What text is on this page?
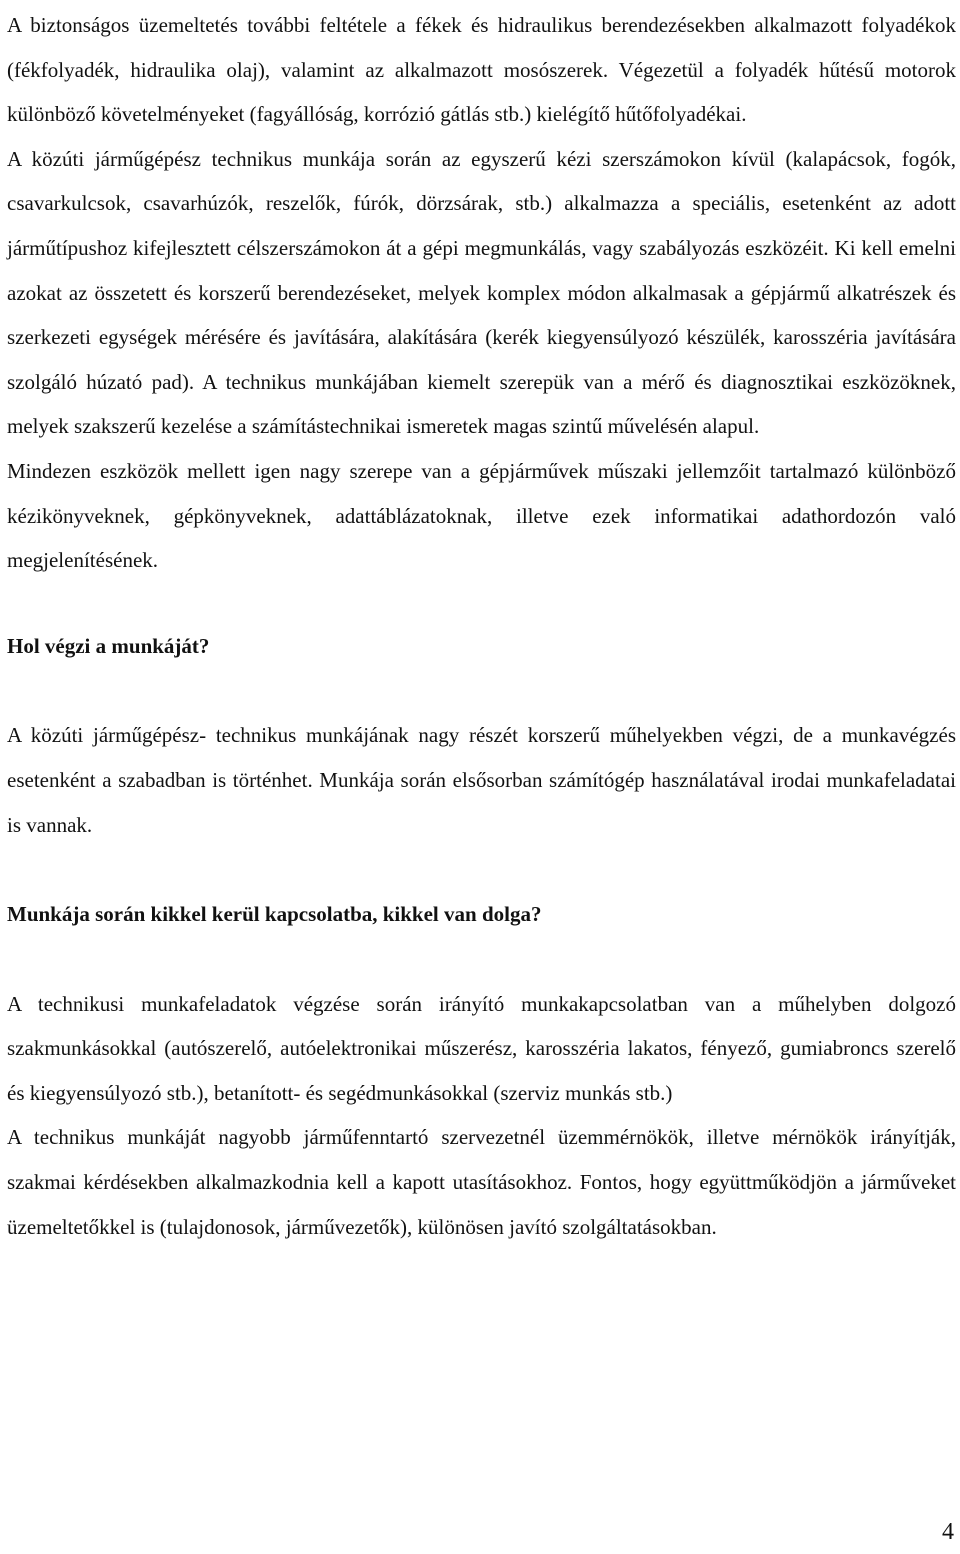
A biztonságos üzemeltetés további feltétele a fékek és hidraulikus berendezésekben alkalmazott folyadékok (fékfolyadék, hidraulika olaj), valamint az alkalmazott mosószerek. Végezetül a folyadék hűtésű motorok különböző követelményeket (fagyállóság, korrózió gátlás stb.) kielégítő hűtőfolyadékai.

A közúti járműgépész technikus munkája során az egyszerű kézi szerszámokon kívül (kalapácsok, fogók, csavarkulcsok, csavarhúzók, reszelők, fúrók, dörzsárak, stb.) alkalmazza a speciális, esetenként az adott járműtípushoz kifejlesztett célszerszámokon át a gépi megmunkálás, vagy szabályozás eszközéit. Ki kell emelni azokat az összetett és korszerű berendezéseket, melyek komplex módon alkalmasak a gépjármű alkatrészek és szerkezeti egységek mérésére és javítására, alakítására (kerék kiegyensúlyozó készülék, karosszéria javítására szolgáló húzató pad). A technikus munkájában kiemelt szerepük van a mérő és diagnosztikai eszközöknek, melyek szakszerű kezelése a számítástechnikai ismeretek magas szintű művelésén alapul.

Mindezen eszközök mellett igen nagy szerepe van a gépjárművek műszaki jellemzőit tartalmazó különböző kézikönyveknek, gépkönyveknek, adattáblázatoknak, illetve ezek informatikai adathordozón való megjelenítésének.

Hol végzi a munkáját?

A közúti járműgépész- technikus munkájának nagy részét korszerű műhelyekben végzi, de a munkavégzés esetenként a szabadban is történhet. Munkája során elsősorban számítógép használatával irodai munkafeladatai is vannak.

Munkája során kikkel kerül kapcsolatba, kikkel van dolga?

A technikusi munkafeladatok végzése során irányító munkakapcsolatban van a műhelyben dolgozó szakmunkásokkal (autószerelő, autóelektronikai műszerész, karosszéria lakatos, fényező, gumiabroncs szerelő és kiegyensúlyozó stb.), betanított- és segédmunkásokkal (szerviz munkás stb.)

A technikus munkáját nagyobb járműfenntartó szervezetnél üzemmérnökök, illetve mérnökök irányítják, szakmai kérdésekben alkalmazkodnia kell a kapott utasításokhoz. Fontos, hogy együttműködjön a járműveket üzemeltetőkkel is (tulajdonosok, járművezetők), különösen javító szolgáltatásokban.

4
